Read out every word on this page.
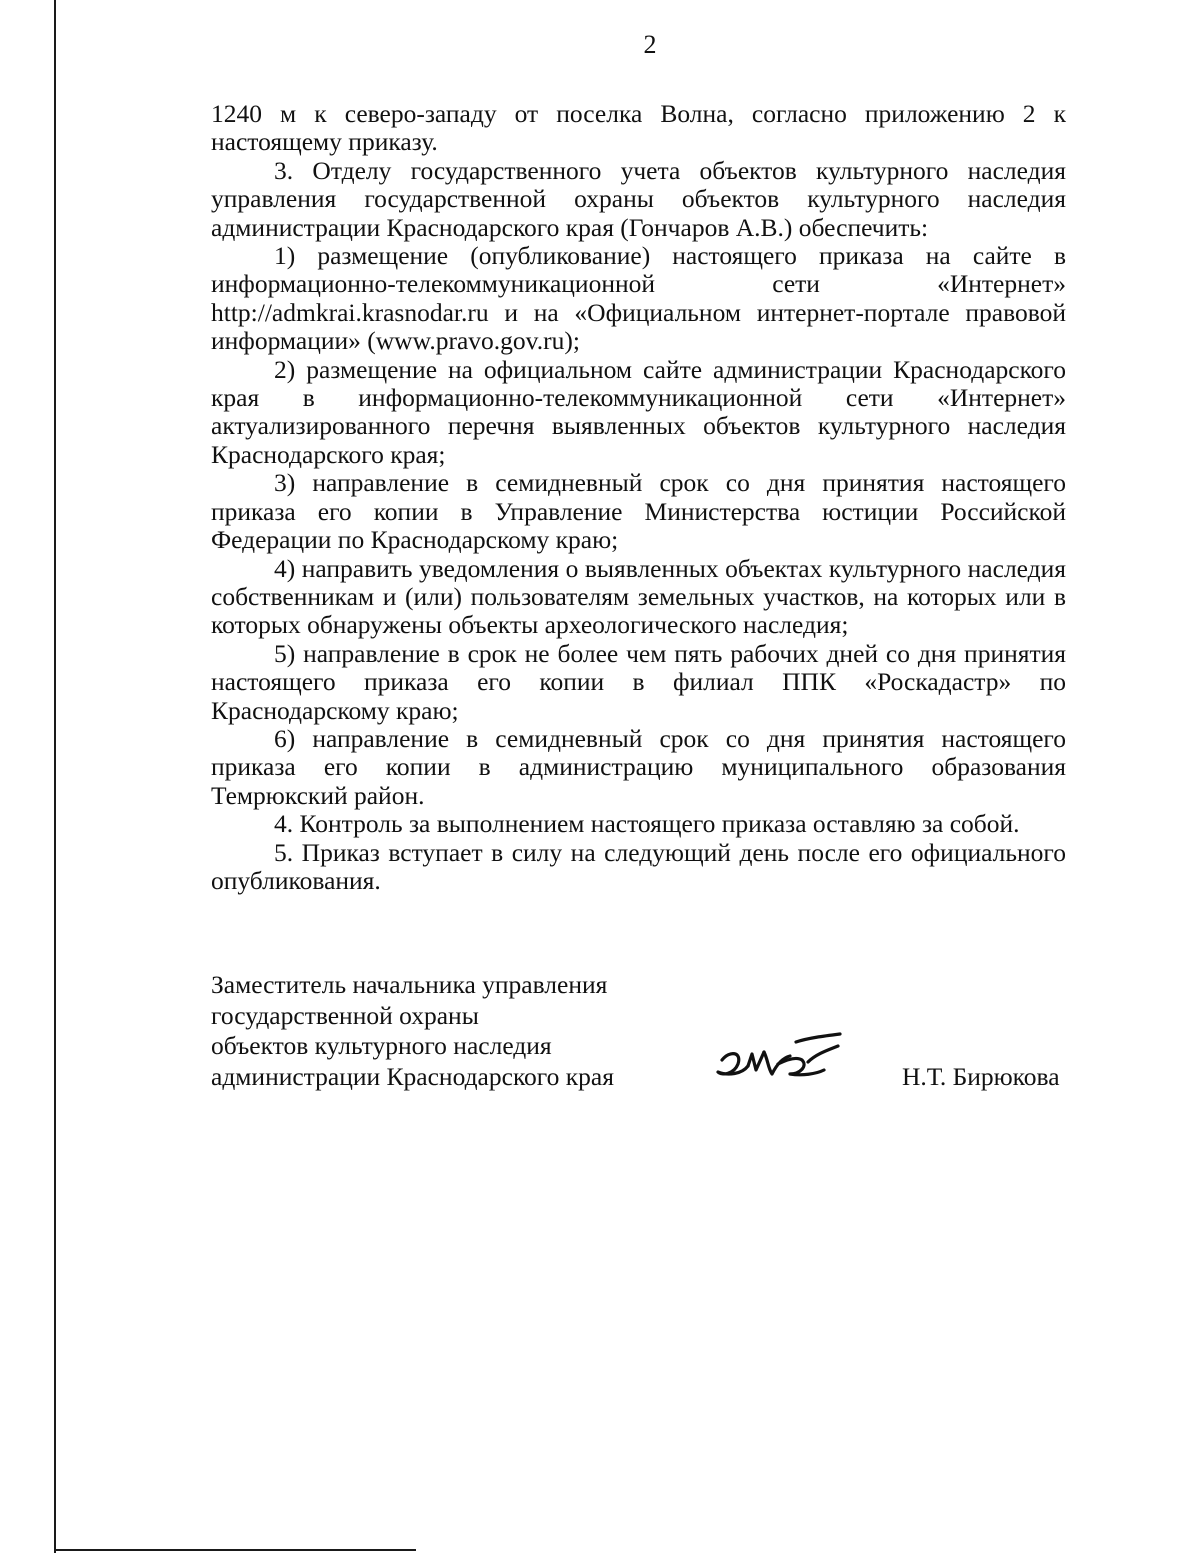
2

1240 м к северо-западу от поселка Волна, согласно приложению 2 к настоящему приказу.

3. Отделу государственного учета объектов культурного наследия управления государственной охраны объектов культурного наследия администрации Краснодарского края (Гончаров А.В.) обеспечить:

1) размещение (опубликование) настоящего приказа на сайте в информационно-телекоммуникационной сети «Интернет» http://admkrai.krasnodar.ru и на «Официальном интернет-портале правовой информации» (www.pravo.gov.ru);

2) размещение на официальном сайте администрации Краснодарского края в информационно-телекоммуникационной сети «Интернет» актуализированного перечня выявленных объектов культурного наследия Краснодарского края;

3) направление в семидневный срок со дня принятия настоящего приказа его копии в Управление Министерства юстиции Российской Федерации по Краснодарскому краю;

4) направить уведомления о выявленных объектах культурного наследия собственникам и (или) пользователям земельных участков, на которых или в которых обнаружены объекты археологического наследия;

5) направление в срок не более чем пять рабочих дней со дня принятия настоящего приказа его копии в филиал ППК «Роскадастр» по Краснодарскому краю;

6) направление в семидневный срок со дня принятия настоящего приказа его копии в администрацию муниципального образования Темрюкский район.

4. Контроль за выполнением настоящего приказа оставляю за собой.

5. Приказ вступает в силу на следующий день после его официального опубликования.

Заместитель начальника управления
государственной охраны
объектов культурного наследия
администрации Краснодарского края	Н.Т. Бирюкова
